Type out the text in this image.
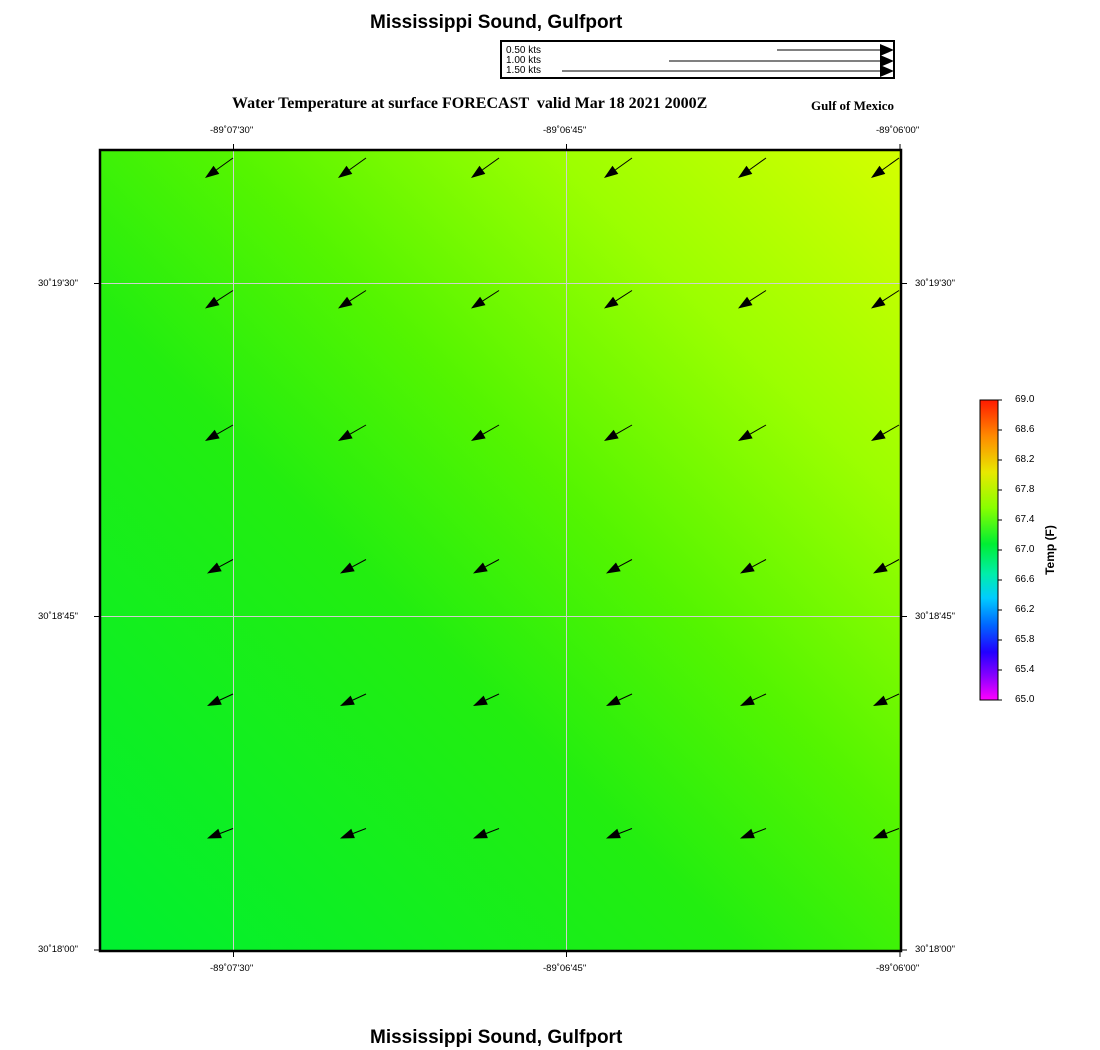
Mississippi Sound, Gulfport
0.50 kts
1.00 kts
1.50 kts
Water Temperature at surface FORECAST  valid Mar 18 2021 2000Z	Gulf of Mexico
-89˚07'30"	-89˚06'45"	-89˚06'00"
30˚19'30"
30˚18'45"
30˚18'00"
30˚19'30"
30˚18'45"
30˚18'00"
-89˚07'30"	-89˚06'45"	-89˚06'00"
69.0
68.6
68.2
67.8
67.4
67.0
66.6
66.2
65.8
65.4
65.0
Temp (F)
Mississippi Sound, Gulfport
